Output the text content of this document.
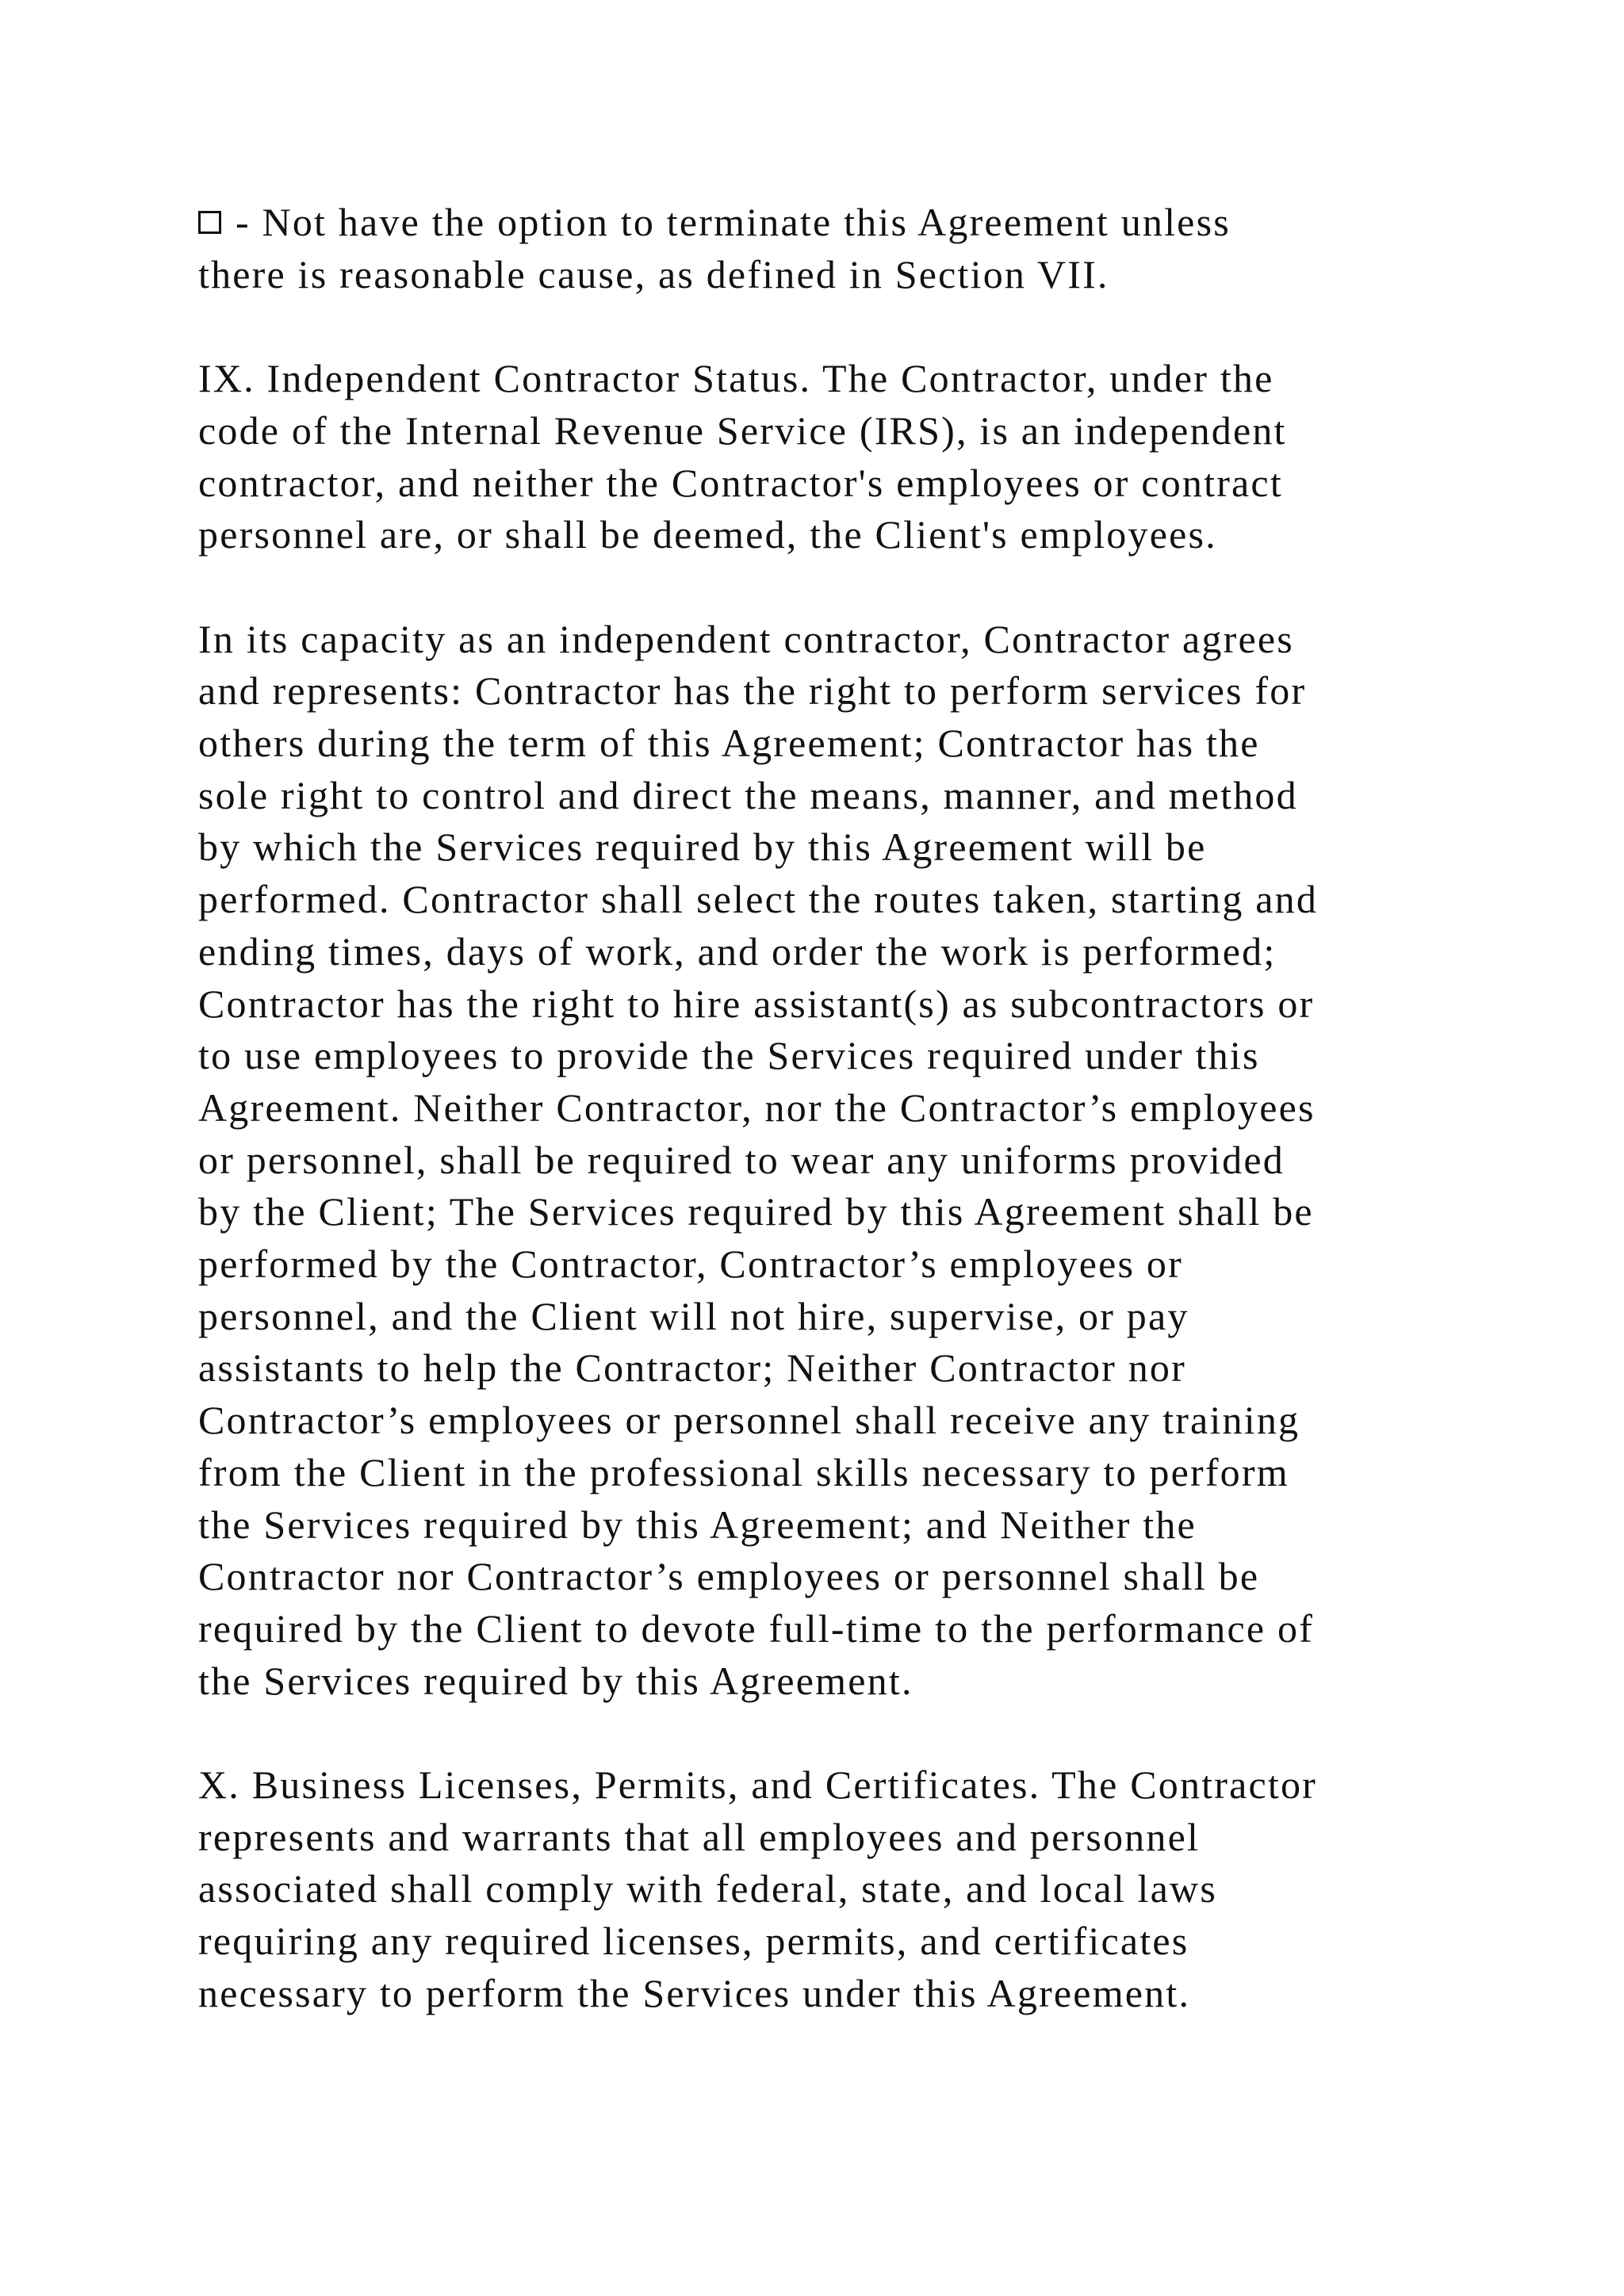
- Not have the option to terminate this Agreement unless
there is reasonable cause, as defined in Section VII.
IX. Independent Contractor Status. The Contractor, under the
code of the Internal Revenue Service (IRS), is an independent
contractor, and neither the Contractor's employees or contract
personnel are, or shall be deemed, the Client's employees.
In its capacity as an independent contractor, Contractor agrees
and represents: Contractor has the right to perform services for
others during the term of this Agreement; Contractor has the
sole right to control and direct the means, manner, and method
by which the Services required by this Agreement will be
performed. Contractor shall select the routes taken, starting and
ending times, days of work, and order the work is performed;
Contractor has the right to hire assistant(s) as subcontractors or
to use employees to provide the Services required under this
Agreement. Neither Contractor, nor the Contractor’s employees
or personnel, shall be required to wear any uniforms provided
by the Client; The Services required by this Agreement shall be
performed by the Contractor, Contractor’s employees or
personnel, and the Client will not hire, supervise, or pay
assistants to help the Contractor; Neither Contractor nor
Contractor’s employees or personnel shall receive any training
from the Client in the professional skills necessary to perform
the Services required by this Agreement; and Neither the
Contractor nor Contractor’s employees or personnel shall be
required by the Client to devote full-time to the performance of
the Services required by this Agreement.
X. Business Licenses, Permits, and Certificates. The Contractor
represents and warrants that all employees and personnel
associated shall comply with federal, state, and local laws
requiring any required licenses, permits, and certificates
necessary to perform the Services under this Agreement.
